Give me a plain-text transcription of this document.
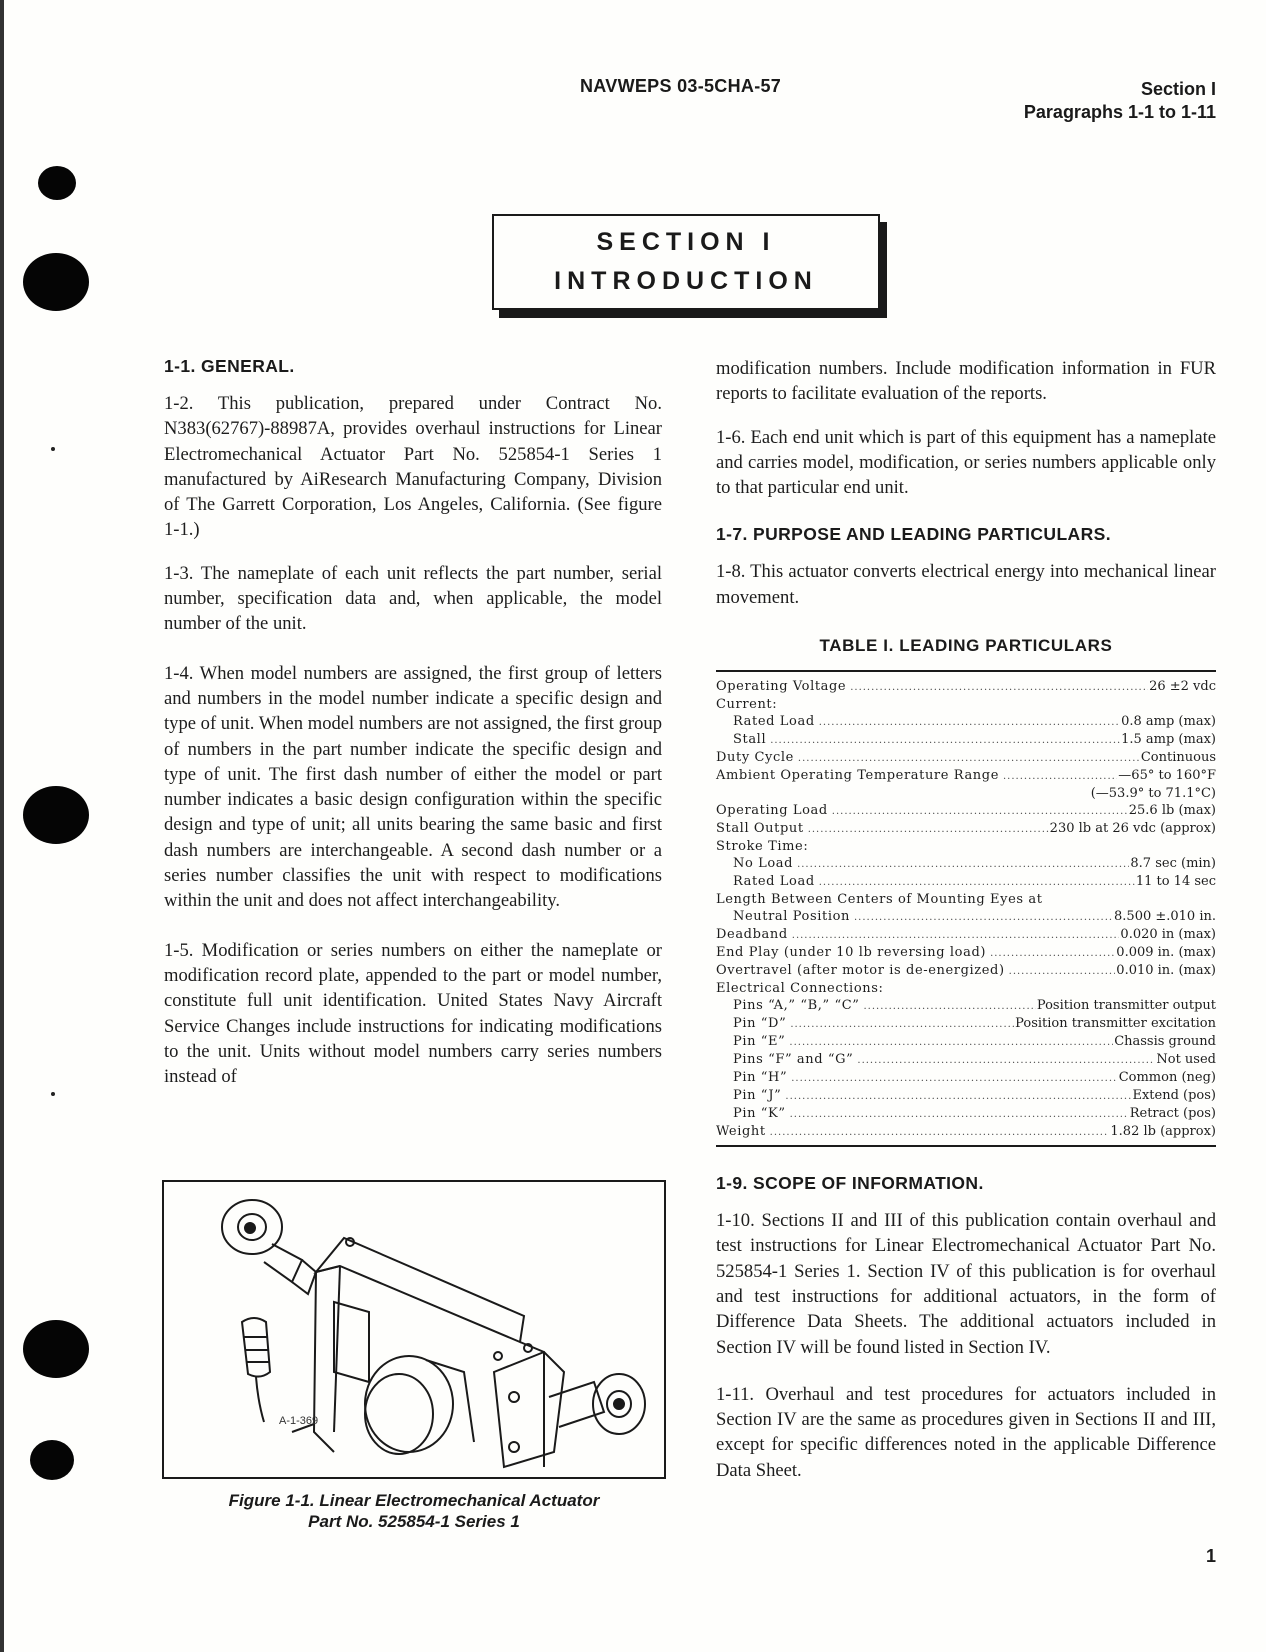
NAVWEPS 03-5CHA-57	Section I
Paragraphs 1-1 to 1-11
SECTION I
INTRODUCTION
1-1. GENERAL.

1-2. This publication, prepared under Contract No. N383(62767)-88987A, provides overhaul instructions for Linear Electromechanical Actuator Part No. 525854-1 Series 1 manufactured by AiResearch Manufacturing Company, Division of The Garrett Corporation, Los Angeles, California. (See figure 1-1.)

1-3. The nameplate of each unit reflects the part number, serial number, specification data and, when applicable, the model number of the unit.

1-4. When model numbers are assigned, the first group of letters and numbers in the model number indicate a specific design and type of unit. When model numbers are not assigned, the first group of numbers in the part number indicate the specific design and type of unit. The first dash number of either the model or part number indicates a basic design configuration within the specific design and type of unit; all units bearing the same basic and first dash numbers are interchangeable. A second dash number or a series number classifies the unit with respect to modifications within the unit and does not affect interchangeability.

1-5. Modification or series numbers on either the nameplate or modification record plate, appended to the part or model number, constitute full unit identification. United States Navy Aircraft Service Changes include instructions for indicating modifications to the unit. Units without model numbers carry series numbers instead of

A-1-369
Figure 1-1. Linear Electromechanical Actuator
Part No. 525854-1 Series 1

modification numbers. Include modification information in FUR reports to facilitate evaluation of the reports.

1-6. Each end unit which is part of this equipment has a nameplate and carries model, modification, or series numbers applicable only to that particular end unit.

1-7. PURPOSE AND LEADING PARTICULARS.

1-8. This actuator converts electrical energy into mechanical linear movement.

TABLE I. LEADING PARTICULARS
Operating Voltage .....	26 ±2 vdc
Current:
Rated Load .....	0.8 amp (max)
Stall .....	1.5 amp (max)
Duty Cycle .....	Continuous
Ambient Operating Temperature Range .....	—65° to 160°F
(—53.9° to 71.1°C)
Operating Load .....	25.6 lb (max)
Stall Output .....	230 lb at 26 vdc (approx)
Stroke Time:
No Load .....	8.7 sec (min)
Rated Load .....	11 to 14 sec
Length Between Centers of Mounting Eyes at
Neutral Position .....	8.500 ±.010 in.
Deadband .....	0.020 in (max)
End Play (under 10 lb reversing load) .....	0.009 in. (max)
Overtravel (after motor is de-energized) .....	0.010 in. (max)
Electrical Connections:
Pins “A,” “B,” “C” .....	Position transmitter output
Pin “D” .....	Position transmitter excitation
Pin “E” .....	Chassis ground
Pins “F” and “G” .....	Not used
Pin “H” .....	Common (neg)
Pin “J” .....	Extend (pos)
Pin “K” .....	Retract (pos)
Weight .....	1.82 lb (approx)
1-9. SCOPE OF INFORMATION.

1-10. Sections II and III of this publication contain overhaul and test instructions for Linear Electromechanical Actuator Part No. 525854-1 Series 1. Section IV of this publication is for overhaul and test instructions for additional actuators, in the form of Difference Data Sheets. The additional actuators included in Section IV will be found listed in Section IV.

1-11. Overhaul and test procedures for actuators included in Section IV are the same as procedures given in Sections II and III, except for specific differences noted in the applicable Difference Data Sheet.

1
